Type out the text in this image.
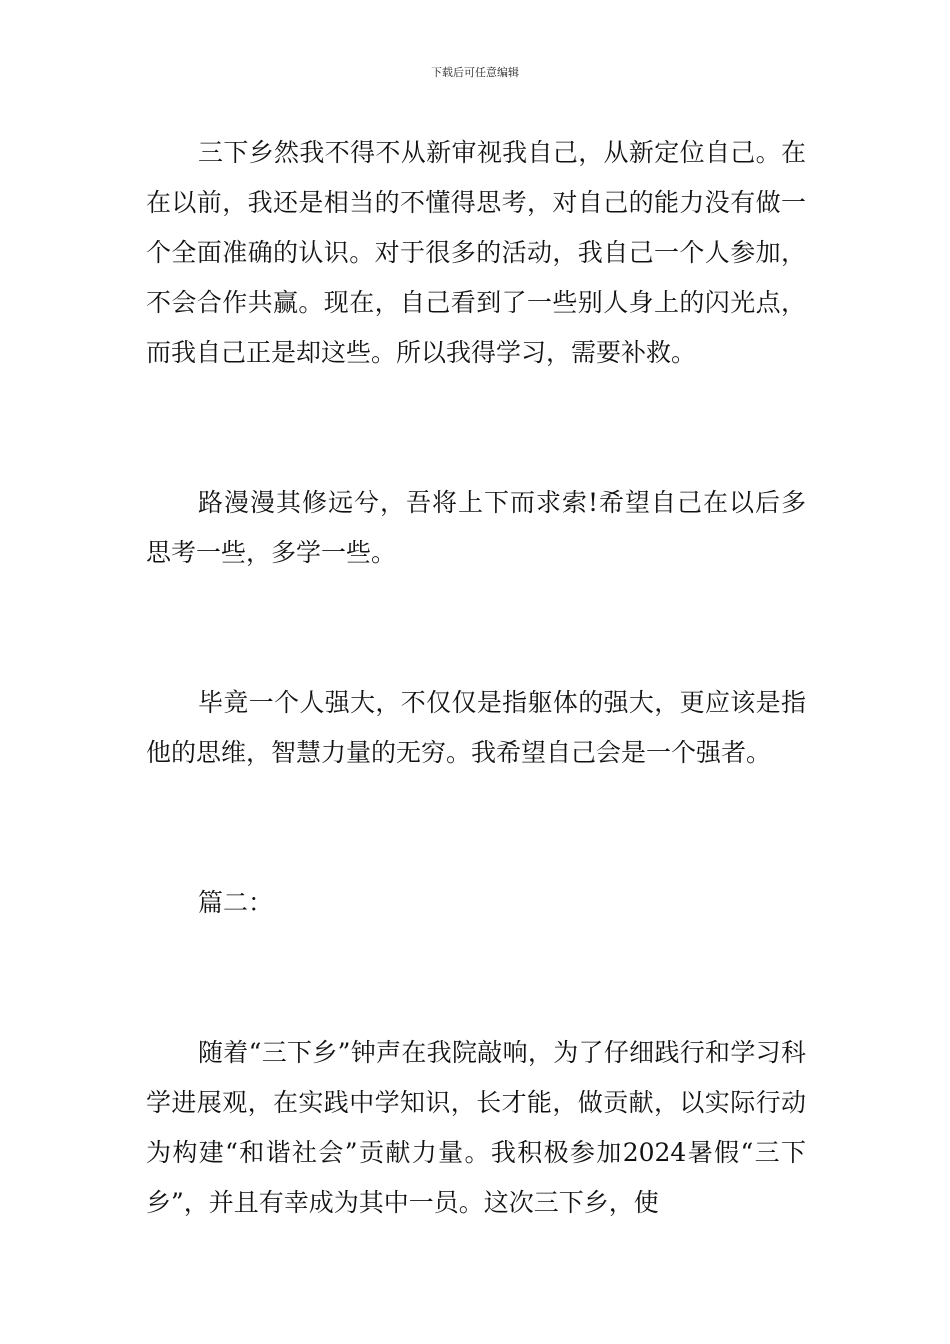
下载后可任意编辑

三下乡然我不得不从新审视我自己，从新定位自己。在在以前，我还是相当的不懂得思考，对自己的能力没有做一个全面准确的认识。对于很多的活动，我自己一个人参加，不会合作共赢。现在，自己看到了一些别人身上的闪光点，而我自己正是却这些。所以我得学习，需要补救。

路漫漫其修远兮，吾将上下而求索!希望自己在以后多思考一些，多学一些。

毕竟一个人强大，不仅仅是指躯体的强大，更应该是指他的思维，智慧力量的无穷。我希望自己会是一个强者。

篇二：

随着“三下乡”钟声在我院敲响，为了仔细践行和学习科学进展观，在实践中学知识，长才能，做贡献，以实际行动为构建“和谐社会”贡献力量。我积极参加2024暑假“三下乡”，并且有幸成为其中一员。这次三下乡，使
